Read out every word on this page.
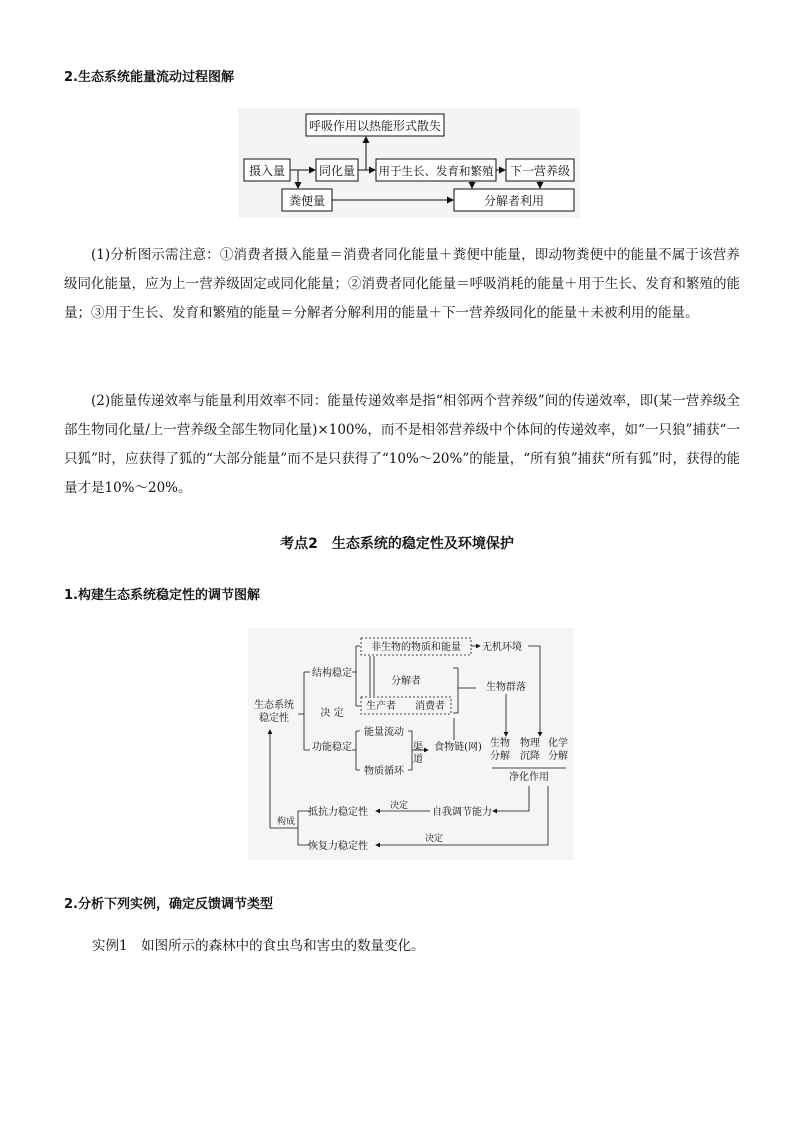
2.生态系统能量流动过程图解
呼吸作用以热能形式散失
摄入量	同化量 用于生长、发育和繁殖 下一营养级
粪便量	分解者利用
(1)分析图示需注意：①消费者摄入能量＝消费者同化能量＋粪便中能量，即动物粪便中的能量不属于该营养级同化能量，应为上一营养级固定或同化能量；②消费者同化能量＝呼吸消耗的能量＋用于生长、发育和繁殖的能量；③用于生长、发育和繁殖的能量＝分解者分解利用的能量＋下一营养级同化的能量＋未被利用的能量。
(2)能量传递效率与能量利用效率不同：能量传递效率是指“相邻两个营养级”间的传递效率，即(某一营养级全部生物同化量/上一营养级全部生物同化量)×100%，而不是相邻营养级中个体间的传递效率，如“一只狼”捕获“一只狐”时，应获得了狐的“大部分能量”而不是只获得了“10%～20%”的能量，“所有狼”捕获“所有狐”时，获得的能量才是10%～20%。
考点2　生态系统的稳定性及环境保护
1.构建生态系统稳定性的调节图解
生态系统
稳定性
结构稳定
决 定
功能稳定
非生物的物质和能量
分解者
生产者 消费者
无机环境
生物群落
能量流动
物质循环
渠
道
食物链(网) 生物
分解
物理
沉降
化学
分解
净化作用
抵抗力稳定性
恢复力稳定性
自我调节能力
决定
决定
构成
2.分析下列实例，确定反馈调节类型
实例1　如图所示的森林中的食虫鸟和害虫的数量变化。
